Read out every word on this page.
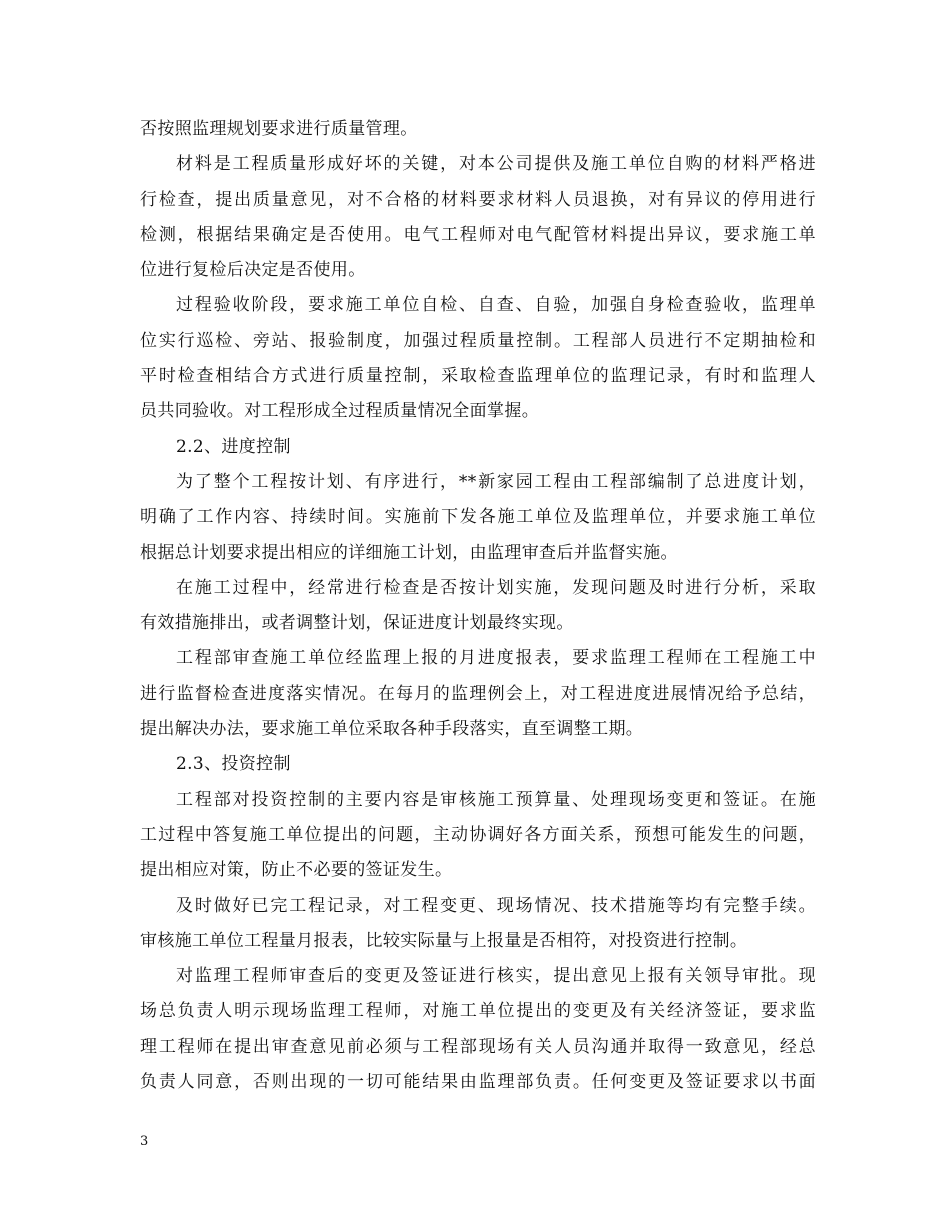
否按照监理规划要求进行质量管理。
材料是工程质量形成好坏的关键，对本公司提供及施工单位自购的材料严格进
行检查，提出质量意见，对不合格的材料要求材料人员退换，对有异议的停用进行
检测，根据结果确定是否使用。电气工程师对电气配管材料提出异议，要求施工单
位进行复检后决定是否使用。
过程验收阶段，要求施工单位自检、自查、自验，加强自身检查验收，监理单
位实行巡检、旁站、报验制度，加强过程质量控制。工程部人员进行不定期抽检和
平时检查相结合方式进行质量控制，采取检查监理单位的监理记录，有时和监理人
员共同验收。对工程形成全过程质量情况全面掌握。
2.2、进度控制
为了整个工程按计划、有序进行，**新家园工程由工程部编制了总进度计划，
明确了工作内容、持续时间。实施前下发各施工单位及监理单位，并要求施工单位
根据总计划要求提出相应的详细施工计划，由监理审查后并监督实施。
在施工过程中，经常进行检查是否按计划实施，发现问题及时进行分析，采取
有效措施排出，或者调整计划，保证进度计划最终实现。
工程部审查施工单位经监理上报的月进度报表，要求监理工程师在工程施工中
进行监督检查进度落实情况。在每月的监理例会上，对工程进度进展情况给予总结，
提出解决办法，要求施工单位采取各种手段落实，直至调整工期。
2.3、投资控制
工程部对投资控制的主要内容是审核施工预算量、处理现场变更和签证。在施
工过程中答复施工单位提出的问题，主动协调好各方面关系，预想可能发生的问题，
提出相应对策，防止不必要的签证发生。
及时做好已完工程记录，对工程变更、现场情况、技术措施等均有完整手续。
审核施工单位工程量月报表，比较实际量与上报量是否相符，对投资进行控制。
对监理工程师审查后的变更及签证进行核实，提出意见上报有关领导审批。现
场总负责人明示现场监理工程师，对施工单位提出的变更及有关经济签证，要求监
理工程师在提出审查意见前必须与工程部现场有关人员沟通并取得一致意见，经总
负责人同意，否则出现的一切可能结果由监理部负责。任何变更及签证要求以书面
3
